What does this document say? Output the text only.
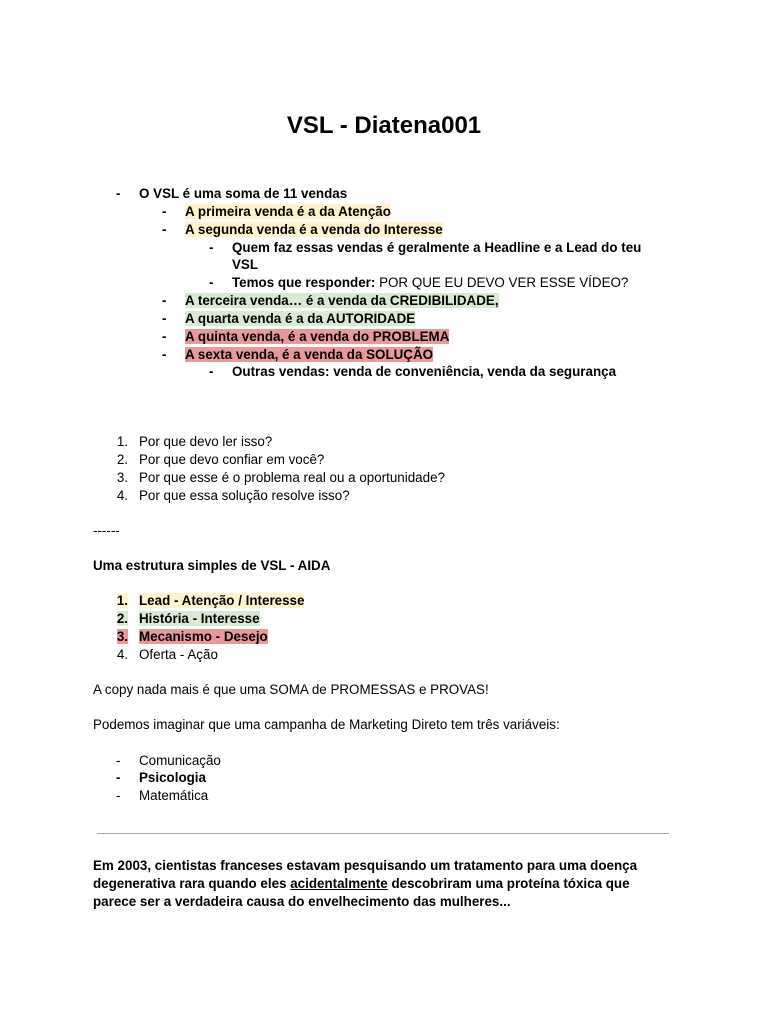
VSL - Diatena001
-	O VSL é uma soma de 11 vendas
-	A primeira venda é a da Atenção
-	A segunda venda é a venda do Interesse
-	Quem faz essas vendas é geralmente a Headline e a Lead do teu
VSL
-	Temos que responder: POR QUE EU DEVO VER ESSE VÍDEO?
-	A terceira venda… é a venda da CREDIBILIDADE,
-	A quarta venda é a da AUTORIDADE
-	A quinta venda, é a venda do PROBLEMA
-	A sexta venda, é a venda da SOLUÇÃO
-	Outras vendas: venda de conveniência, venda da segurança
1. Por que devo ler isso?
2. Por que devo confiar em você?
3. Por que esse é o problema real ou a oportunidade?
4. Por que essa solução resolve isso?
------
Uma estrutura simples de VSL - AIDA
1. Lead - Atenção / Interesse
2. História - Interesse
3. Mecanismo - Desejo
4. Oferta - Ação
A copy nada mais é que uma SOMA de PROMESSAS e PROVAS!
Podemos imaginar que uma campanha de Marketing Direto tem três variáveis:
-	Comunicação
-	Psicologia
-	Matemática
Em 2003, cientistas franceses estavam pesquisando um tratamento para uma doença
degenerativa rara quando eles acidentalmente descobriram uma proteína tóxica que
parece ser a verdadeira causa do envelhecimento das mulheres...
